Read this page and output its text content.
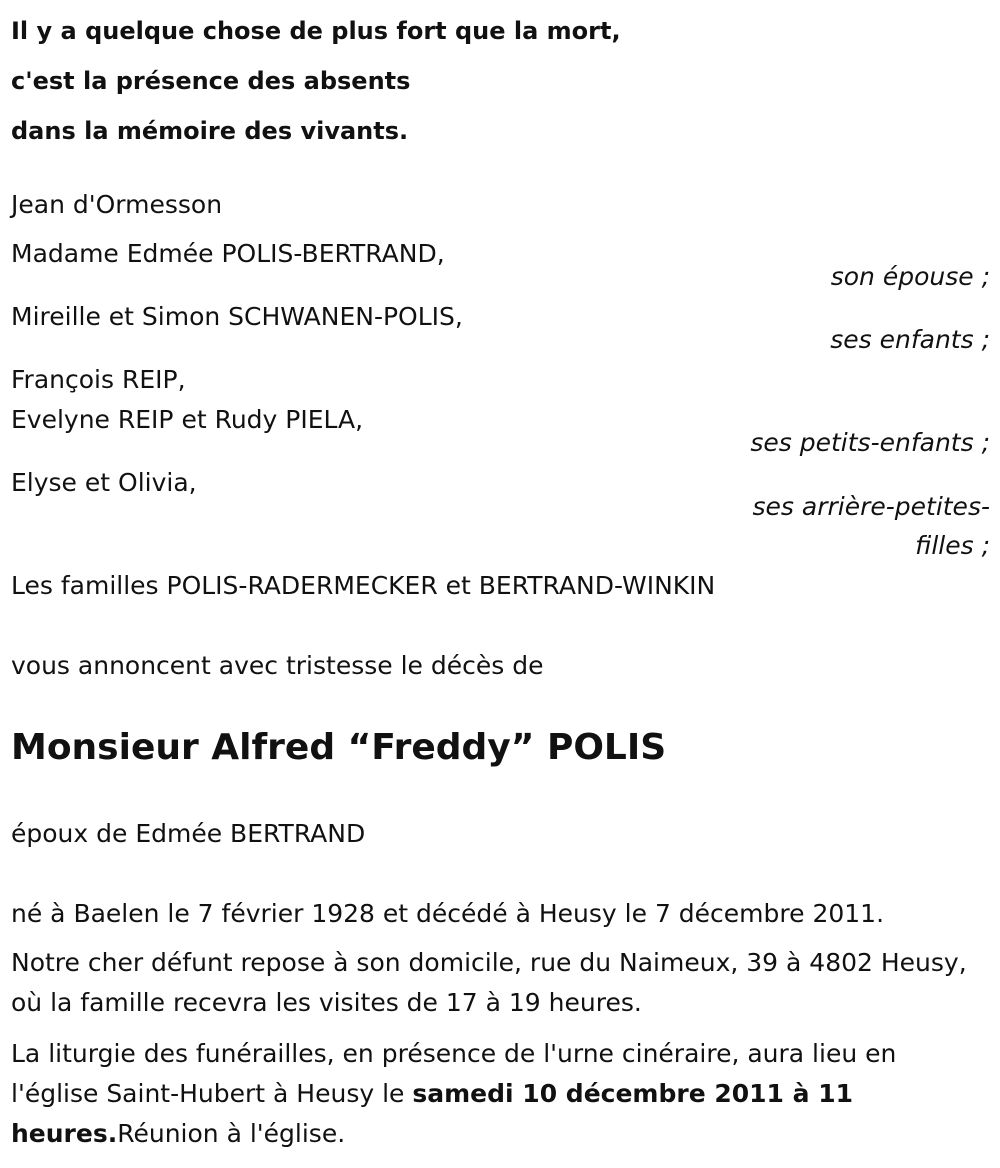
Il y a quelque chose de plus fort que la mort,
c'est la présence des absents
dans la mémoire des vivants.
Jean d'Ormesson
Madame Edmée POLIS-BERTRAND,
son épouse ;
Mireille et Simon SCHWANEN-POLIS,
ses enfants ;
François REIP,
Evelyne REIP et Rudy PIELA,
ses petits-enfants ;
Elyse et Olivia,
ses arrière-petites-
filles ;
Les familles POLIS-RADERMECKER et BERTRAND-WINKIN
vous annoncent avec tristesse le décès de
Monsieur Alfred “Freddy” POLIS
époux de Edmée BERTRAND
né à Baelen le 7 février 1928 et décédé à Heusy le 7 décembre 2011.
Notre cher défunt repose à son domicile, rue du Naimeux, 39 à 4802 Heusy, où la famille recevra les visites de 17 à 19 heures.
La liturgie des funérailles, en présence de l'urne cinéraire, aura lieu en l'église Saint-Hubert à Heusy le samedi 10 décembre 2011 à 11 heures.Réunion à l'église.
